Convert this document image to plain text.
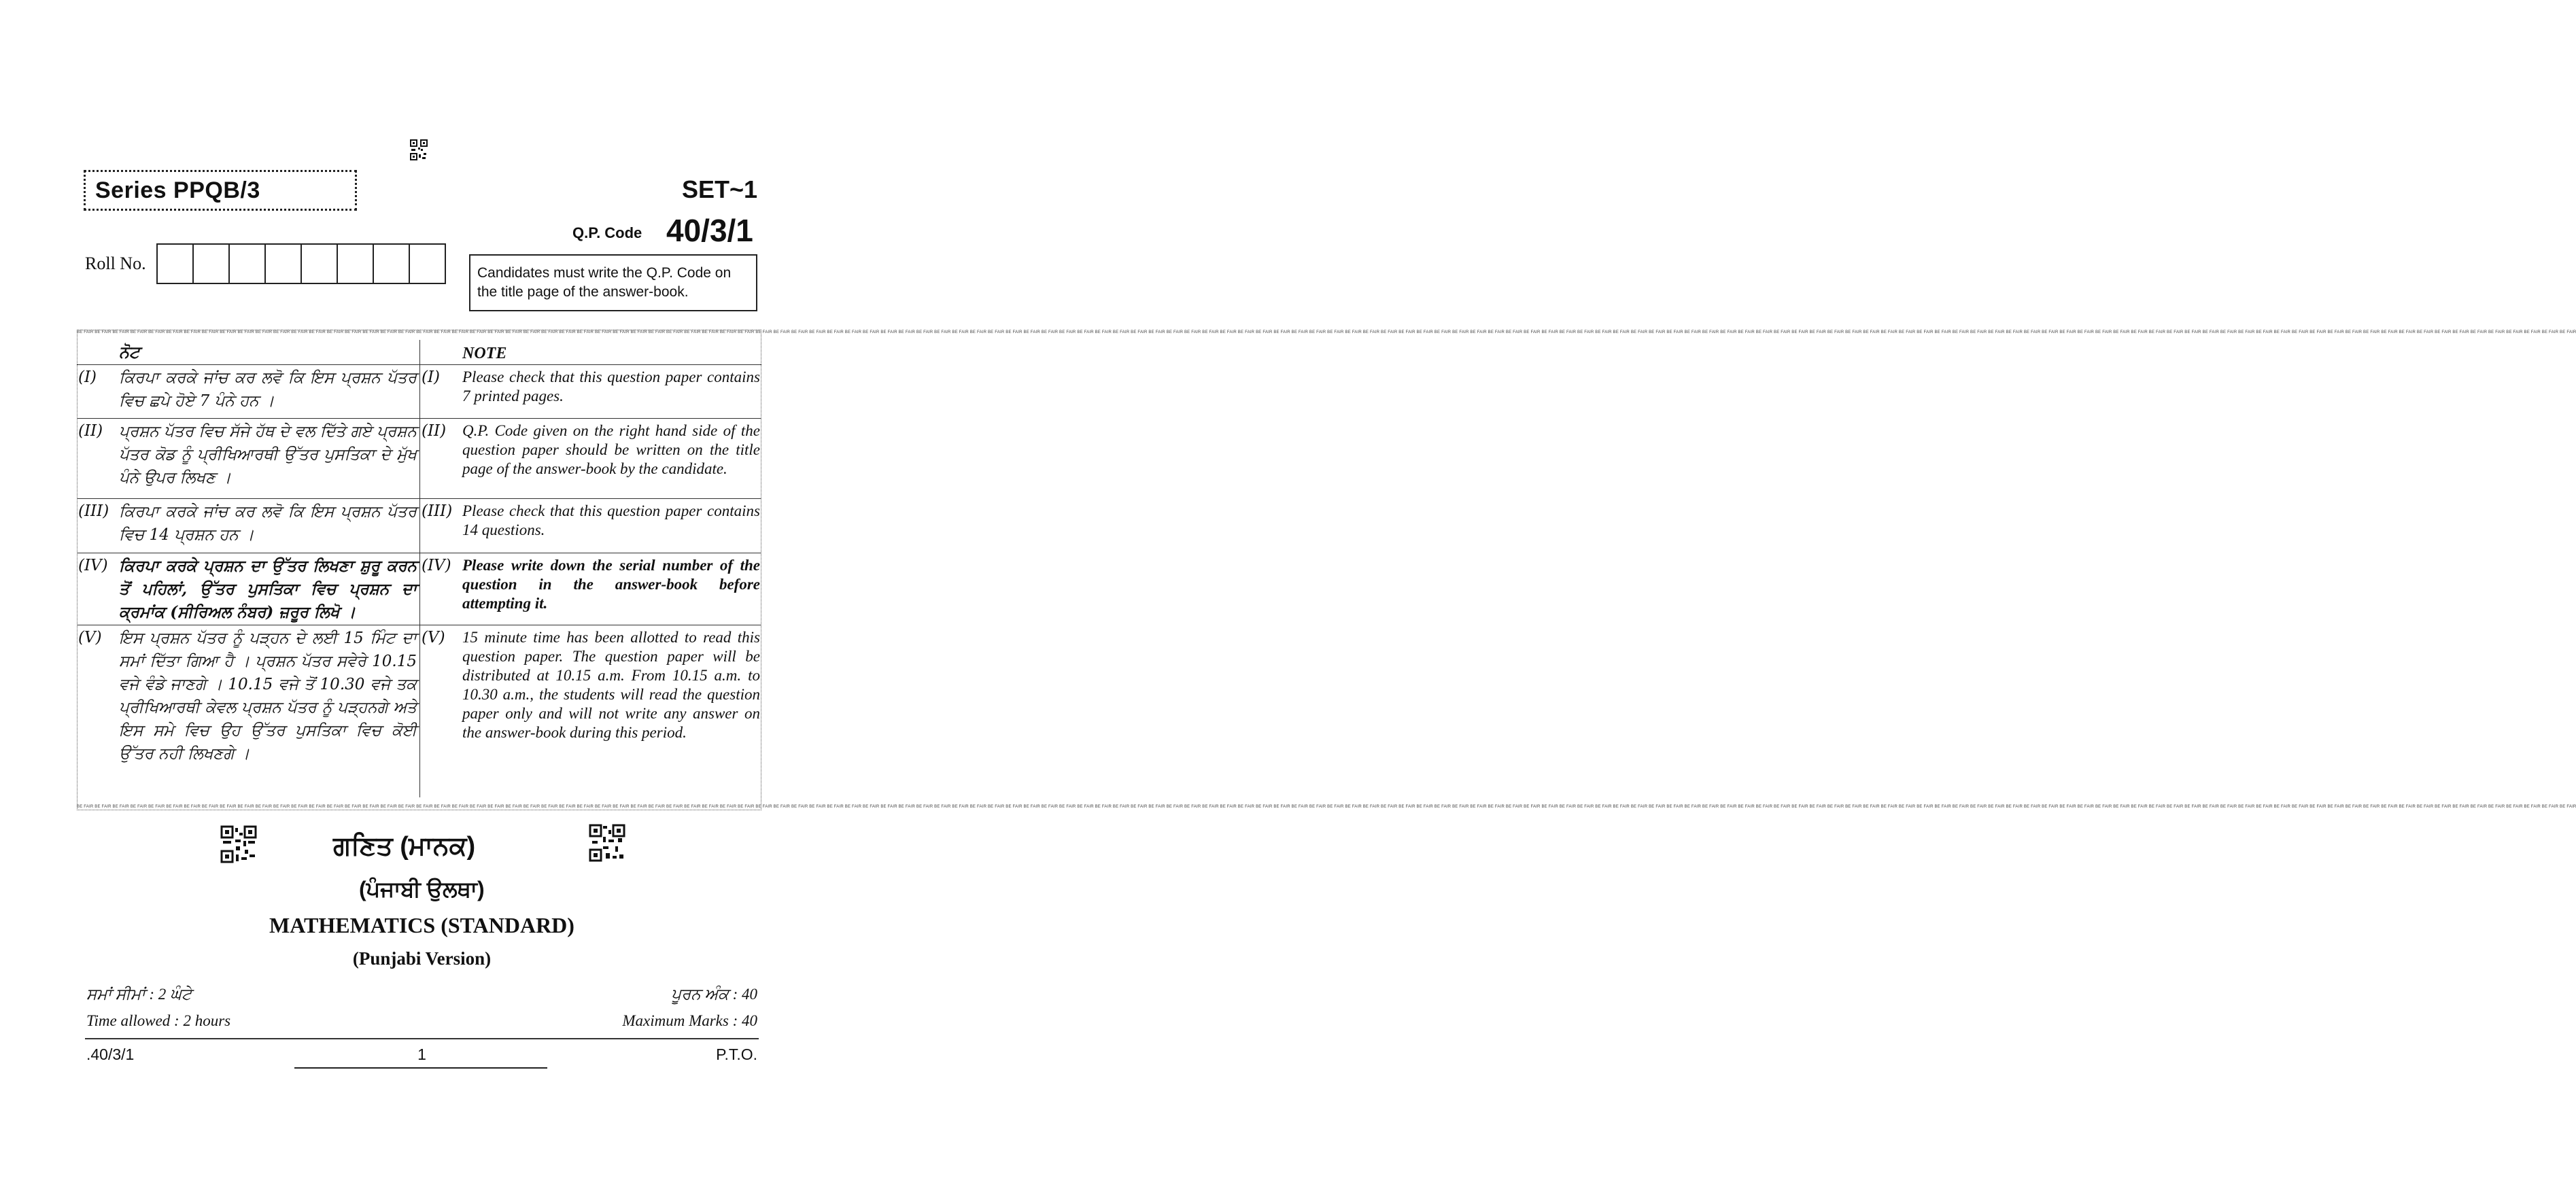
Series PPQB/3	SET~1
Q.P. Code 40/3/1
Roll No.	Candidates must write the Q.P. Code on the title page of the answer-book.
BE FAIR BE FAIR BE FAIR BE FAIR BE FAIR BE FAIR BE FAIR BE FAIR BE FAIR BE FAIR BE FAIR BE FAIR BE FAIR BE FAIR BE FAIR BE FAIR BE FAIR BE FAIR BE FAIR BE FAIR BE FAIR BE FAIR BE FAIR BE FAIR BE FAIR BE FAIR BE FAIR BE FAIR BE FAIR BE FAIR BE FAIR BE FAIR BE FAIR BE FAIR BE FAIR BE FAIR BE FAIR BE FAIR BE FAIR BE FAIR BE FAIR BE FAIR BE FAIR BE FAIR BE FAIR BE FAIR BE FAIR BE FAIR BE FAIR BE FAIR BE FAIR BE FAIR BE FAIR BE FAIR BE FAIR BE FAIR BE FAIR BE FAIR BE FAIR BE FAIR BE FAIR BE FAIR BE FAIR BE FAIR BE FAIR BE FAIR BE FAIR BE FAIR BE FAIR BE FAIR BE FAIR BE FAIR BE FAIR BE FAIR BE FAIR BE FAIR BE FAIR BE FAIR BE FAIR BE FAIR BE FAIR BE FAIR BE FAIR BE FAIR BE FAIR BE FAIR BE FAIR BE FAIR BE FAIR BE FAIR BE FAIR BE FAIR BE FAIR BE FAIR BE FAIR BE FAIR BE FAIR BE FAIR BE FAIR BE FAIR BE FAIR BE FAIR BE FAIR BE FAIR BE FAIR BE FAIR BE FAIR BE FAIR BE FAIR BE FAIR BE FAIR BE FAIR BE FAIR BE FAIR BE FAIR BE FAIR BE FAIR BE FAIR BE FAIR BE FAIR BE FAIR BE FAIR BE FAIR BE FAIR BE FAIR BE FAIR BE FAIR BE FAIR BE FAIR BE FAIR BE FAIR BE FAIR BE FAIR BE FAIR BE FAIR BE FAIR BE FAIR BE FAIR BE FAIR BE FAIR
BE FAIR BE FAIR BE FAIR BE FAIR BE FAIR BE FAIR BE FAIR BE FAIR BE FAIR BE FAIR BE FAIR BE FAIR BE FAIR BE FAIR BE FAIR BE FAIR BE FAIR BE FAIR BE FAIR BE FAIR BE FAIR BE FAIR BE FAIR BE FAIR BE FAIR BE FAIR BE FAIR BE FAIR BE FAIR BE FAIR BE FAIR BE FAIR BE FAIR BE FAIR BE FAIR BE FAIR BE FAIR BE FAIR BE FAIR BE FAIR BE FAIR BE FAIR BE FAIR BE FAIR BE FAIR BE FAIR BE FAIR BE FAIR BE FAIR BE FAIR BE FAIR BE FAIR BE FAIR BE FAIR BE FAIR BE FAIR BE FAIR BE FAIR BE FAIR BE FAIR BE FAIR BE FAIR BE FAIR BE FAIR BE FAIR BE FAIR BE FAIR BE FAIR BE FAIR BE FAIR BE FAIR BE FAIR BE FAIR BE FAIR BE FAIR BE FAIR BE FAIR BE FAIR BE FAIR BE FAIR BE FAIR BE FAIR BE FAIR BE FAIR BE FAIR BE FAIR BE FAIR BE FAIR BE FAIR BE FAIR BE FAIR BE FAIR BE FAIR BE FAIR BE FAIR BE FAIR BE FAIR BE FAIR BE FAIR BE FAIR BE FAIR BE FAIR BE FAIR BE FAIR BE FAIR BE FAIR BE FAIR BE FAIR BE FAIR BE FAIR BE FAIR BE FAIR BE FAIR BE FAIR BE FAIR BE FAIR BE FAIR BE FAIR BE FAIR BE FAIR BE FAIR BE FAIR BE FAIR BE FAIR BE FAIR BE FAIR BE FAIR BE FAIR BE FAIR BE FAIR BE FAIR BE FAIR BE FAIR BE FAIR BE FAIR BE FAIR BE FAIR BE FAIR BE FAIR BE FAIR
ਨੋਟ	NOTE
(I)	ਕਿਰਪਾ ਕਰਕੇ ਜਾਂਚ ਕਰ ਲਵੋ ਕਿ ਇਸ ਪ੍ਰਸ਼ਨ ਪੱਤਰ ਵਿਚ ਛਪੇ ਹੋਏ 7 ਪੰਨੇ ਹਨ ।
(I)	Please check that this question paper contains 7 printed pages.
(II)	ਪ੍ਰਸ਼ਨ ਪੱਤਰ ਵਿਚ ਸੱਜੇ ਹੱਥ ਦੇ ਵਲ ਦਿੱਤੇ ਗਏ ਪ੍ਰਸ਼ਨ ਪੱਤਰ ਕੋਡ ਨੂੰ ਪ੍ਰੀਖਿਆਰਥੀ ਉੱਤਰ ਪੁਸਤਿਕਾ ਦੇ ਮੁੱਖ ਪੰਨੇ ਉਪਰ ਲਿਖਣ ।
(II)	Q.P. Code given on the right hand side of the question paper should be written on the title page of the answer-book by the candidate.
(III) ਕਿਰਪਾ ਕਰਕੇ ਜਾਂਚ ਕਰ ਲਵੋ ਕਿ ਇਸ ਪ੍ਰਸ਼ਨ ਪੱਤਰ ਵਿਚ 14 ਪ੍ਰਸ਼ਨ ਹਨ ।
(III) Please check that this question paper contains 14 questions.
(IV) ਕਿਰਪਾ ਕਰਕੇ ਪ੍ਰਸ਼ਨ ਦਾ ਉੱਤਰ ਲਿਖਣਾ ਸ਼ੁਰੂ ਕਰਨ ਤੋਂ ਪਹਿਲਾਂ, ਉੱਤਰ ਪੁਸਤਿਕਾ ਵਿਚ ਪ੍ਰਸ਼ਨ ਦਾ ਕ੍ਰਮਾਂਕ (ਸੀਰਿਅਲ ਨੰਬਰ) ਜ਼ਰੂਰ ਲਿਖੋ ।
(IV) Please write down the serial number of the question in the answer-book before attempting it.
(V)	ਇਸ ਪ੍ਰਸ਼ਨ ਪੱਤਰ ਨੂੰ ਪੜ੍ਹਨ ਦੇ ਲਈ 15 ਮਿੰਟ ਦਾ ਸਮਾਂ ਦਿੱਤਾ ਗਿਆ ਹੈ । ਪ੍ਰਸ਼ਨ ਪੱਤਰ ਸਵੇਰੇ 10.15 ਵਜੇ ਵੰਡੇ ਜਾਣਗੇ । 10.15 ਵਜੇ ਤੋਂ 10.30 ਵਜੇ ਤਕ ਪ੍ਰੀਖਿਆਰਥੀ ਕੇਵਲ ਪ੍ਰਸ਼ਨ ਪੱਤਰ ਨੂੰ ਪੜ੍ਹਨਗੇ ਅਤੇ ਇਸ ਸਮੇ ਵਿਚ ਉਹ ਉੱਤਰ ਪੁਸਤਿਕਾ ਵਿਚ ਕੋਈ ਉੱਤਰ ਨਹੀ ਲਿਖਣਗੇ ।
(V)	15 minute time has been allotted to read this question paper. The question paper will be distributed at 10.15 a.m. From 10.15 a.m. to 10.30 a.m., the students will read the question paper only and will not write any answer on the answer-book during this period.
ਗਣਿਤ (ਮਾਨਕ)
(ਪੰਜਾਬੀ ਉਲਥਾ)
MATHEMATICS (STANDARD)
(Punjabi Version)
ਸਮਾਂ ਸੀਮਾਂ : 2 ਘੰਟੇ	ਪੂਰਨ ਅੰਕ : 40
Time allowed : 2 hours	Maximum Marks : 40
.40/3/1	1	P.T.O.
